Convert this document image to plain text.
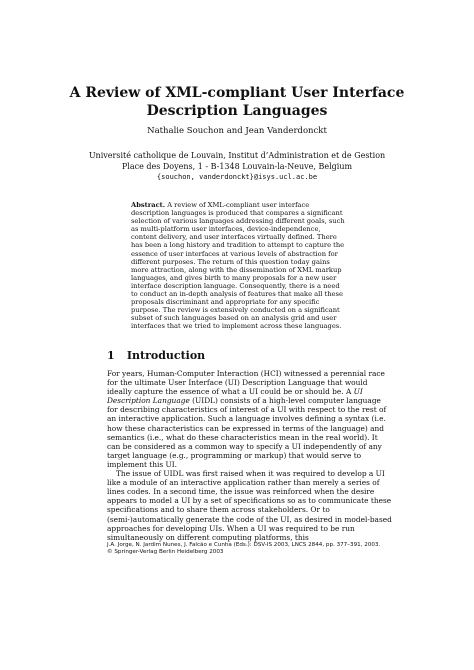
A Review of XML-compliant User Interface
Description Languages
Nathalie Souchon and Jean Vanderdonckt
Université catholique de Louvain, Institut d’Administration et de Gestion
Place des Doyens, 1 - B-1348 Louvain-la-Neuve, Belgium
{souchon, vanderdonckt}@isys.ucl.ac.be
Abstract. A review of XML-compliant user interface description languages is produced that compares a significant selection of various languages addressing different goals, such as multi-platform user interfaces, device-independence, content delivery, and user interfaces virtually defined. There has been a long history and tradition to attempt to capture the essence of user interfaces at various levels of abstraction for different purposes. The return of this question today gains more attraction, along with the dissemination of XML markup languages, and gives birth to many proposals for a new user interface description language. Consequently, there is a need to conduct an in-depth analysis of features that make all these proposals discriminant and appropriate for any specific purpose. The review is extensively conducted on a significant subset of such languages based on an analysis grid and user interfaces that we tried to implement across these languages.
1 Introduction

For years, Human-Computer Interaction (HCI) witnessed a perennial race for the ultimate User Interface (UI) Description Language that would ideally capture the essence of what a UI could be or should be. A UI Description Language (UIDL) consists of a high-level computer language for describing characteristics of interest of a UI with respect to the rest of an interactive application. Such a language involves defining a syntax (i.e. how these characteristics can be expressed in terms of the language) and semantics (i.e., what do these characteristics mean in the real world). It can be considered as a common way to specify a UI independently of any target language (e.g., programming or markup) that would serve to implement this UI.

The issue of UIDL was first raised when it was required to develop a UI like a module of an interactive application rather than merely a series of lines codes. In a second time, the issue was reinforced when the desire appears to model a UI by a set of specifications so as to communicate these specifications and to share them across stakeholders. Or to (semi-)automatically generate the code of the UI, as desired in model-based approaches for developing UIs. When a UI was required to be run simultaneously on different computing platforms, this

J.A. Jorge, N. Jardim Nunes, J. Falcão e Cunha (Eds.): DSV-IS 2003, LNCS 2844, pp. 377–391, 2003.
© Springer-Verlag Berlin Heidelberg 2003
